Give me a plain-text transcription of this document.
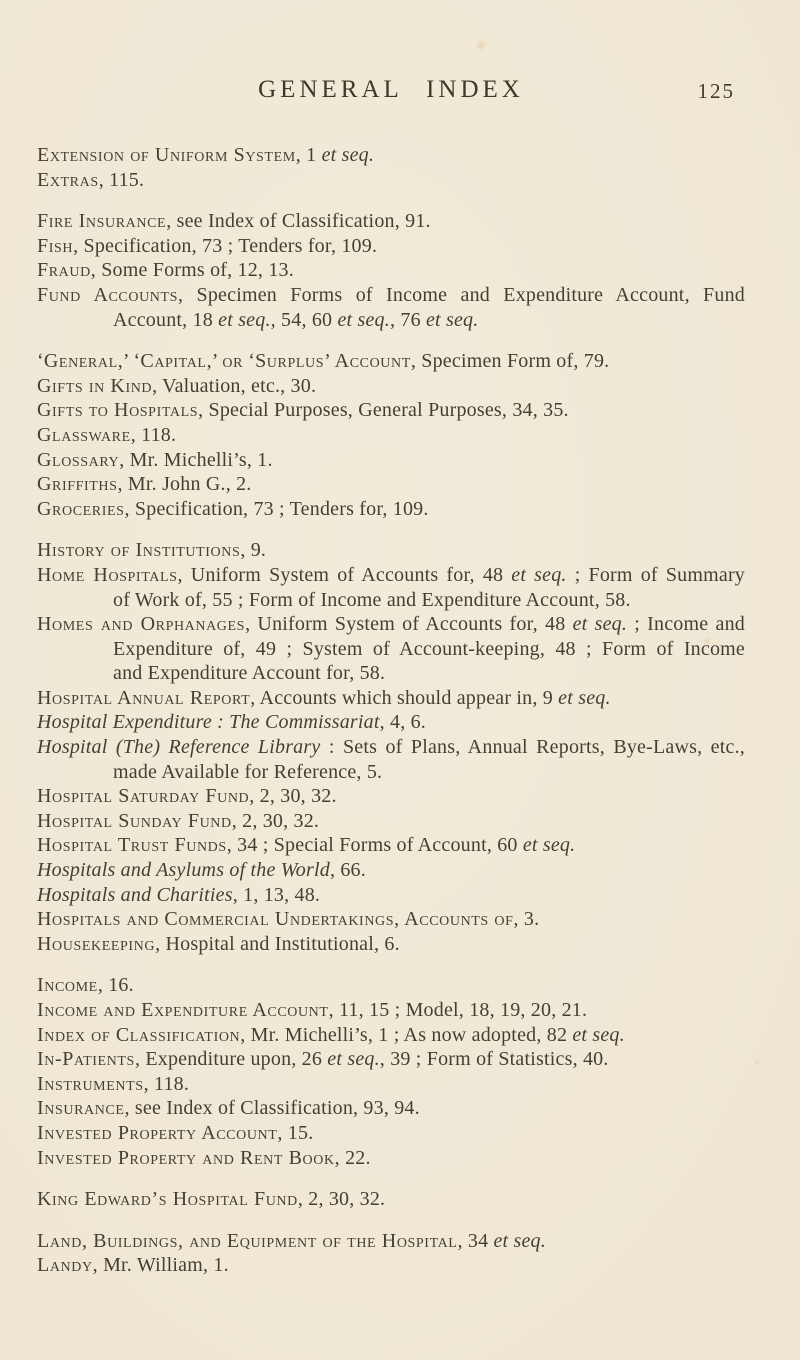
GENERAL INDEX	125
Extension of Uniform System, 1 et seq.
Extras, 115.
Fire Insurance, see Index of Classification, 91.
Fish, Specification, 73 ; Tenders for, 109.
Fraud, Some Forms of, 12, 13.
Fund Accounts, Specimen Forms of Income and Expenditure Account, Fund
Account, 18 et seq., 54, 60 et seq., 76 et seq.
‘General,’ ‘Capital,’ or ‘Surplus’ Account, Specimen Form of, 79.
Gifts in Kind, Valuation, etc., 30.
Gifts to Hospitals, Special Purposes, General Purposes, 34, 35.
Glassware, 118.
Glossary, Mr. Michelli’s, 1.
Griffiths, Mr. John G., 2.
Groceries, Specification, 73 ; Tenders for, 109.
History of Institutions, 9.
Home Hospitals, Uniform System of Accounts for, 48 et seq. ; Form of Summary
of Work of, 55 ; Form of Income and Expenditure Account, 58.
Homes and Orphanages, Uniform System of Accounts for, 48 et seq. ; Income and
Expenditure of, 49 ; System of Account-keeping, 48 ; Form of Income
and Expenditure Account for, 58.
Hospital Annual Report, Accounts which should appear in, 9 et seq.
Hospital Expenditure : The Commissariat, 4, 6.
Hospital (The) Reference Library : Sets of Plans, Annual Reports, Bye-Laws, etc.,
made Available for Reference, 5.
Hospital Saturday Fund, 2, 30, 32.
Hospital Sunday Fund, 2, 30, 32.
Hospital Trust Funds, 34 ; Special Forms of Account, 60 et seq.
Hospitals and Asylums of the World, 66.
Hospitals and Charities, 1, 13, 48.
Hospitals and Commercial Undertakings, Accounts of, 3.
Housekeeping, Hospital and Institutional, 6.
Income, 16.
Income and Expenditure Account, 11, 15 ; Model, 18, 19, 20, 21.
Index of Classification, Mr. Michelli’s, 1 ; As now adopted, 82 et seq.
In-Patients, Expenditure upon, 26 et seq., 39 ; Form of Statistics, 40.
Instruments, 118.
Insurance, see Index of Classification, 93, 94.
Invested Property Account, 15.
Invested Property and Rent Book, 22.
King Edward’s Hospital Fund, 2, 30, 32.
Land, Buildings, and Equipment of the Hospital, 34 et seq.
Landy, Mr. William, 1.
